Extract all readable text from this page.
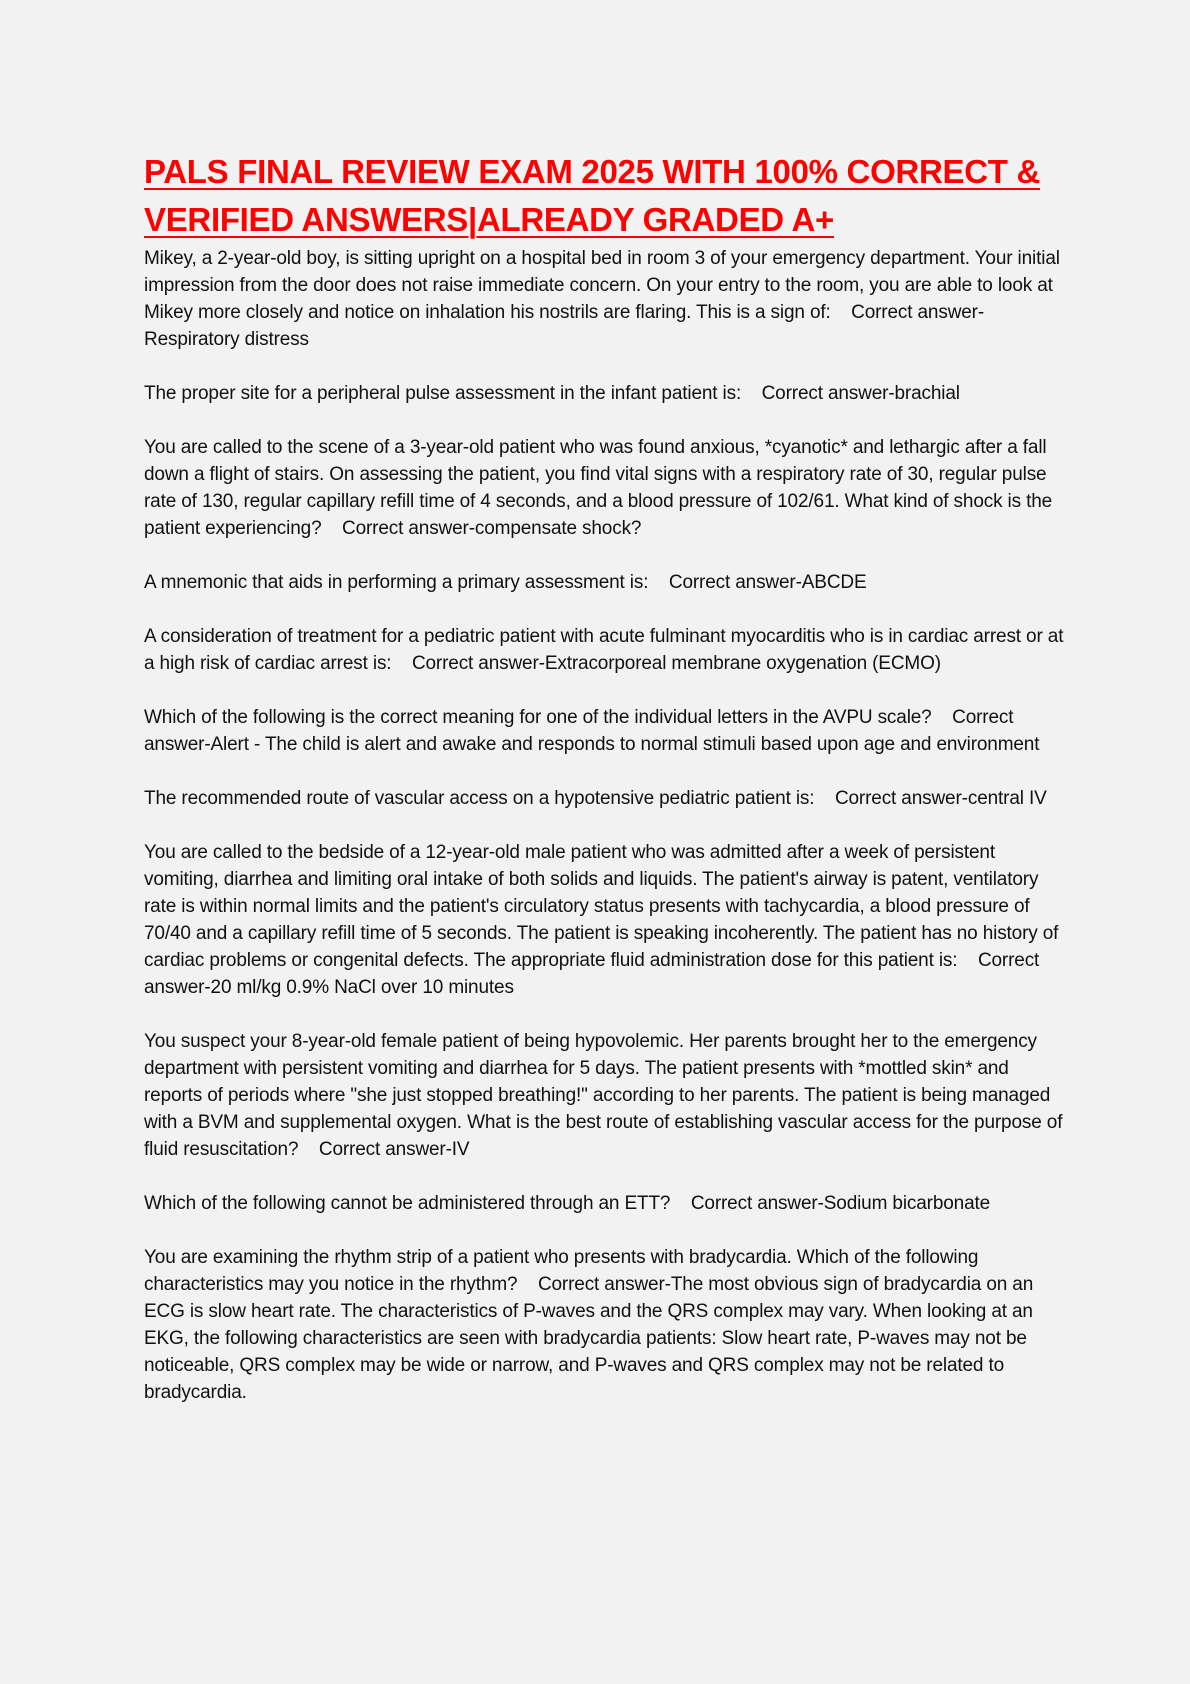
PALS FINAL REVIEW EXAM 2025 WITH 100% CORRECT & VERIFIED ANSWERS|ALREADY GRADED A+

Mikey, a 2-year-old boy, is sitting upright on a hospital bed in room 3 of your emergency department. Your initial impression from the door does not raise immediate concern. On your entry to the room, you are able to look at Mikey more closely and notice on inhalation his nostrils are flaring. This is a sign of: Correct answer-Respiratory distress

The proper site for a peripheral pulse assessment in the infant patient is: Correct answer-brachial

You are called to the scene of a 3-year-old patient who was found anxious, *cyanotic* and lethargic after a fall down a flight of stairs. On assessing the patient, you find vital signs with a respiratory rate of 30, regular pulse rate of 130, regular capillary refill time of 4 seconds, and a blood pressure of 102/61. What kind of shock is the patient experiencing? Correct answer-compensate shock?

A mnemonic that aids in performing a primary assessment is: Correct answer-ABCDE

A consideration of treatment for a pediatric patient with acute fulminant myocarditis who is in cardiac arrest or at a high risk of cardiac arrest is: Correct answer-Extracorporeal membrane oxygenation (ECMO)

Which of the following is the correct meaning for one of the individual letters in the AVPU scale? Correct answer-Alert - The child is alert and awake and responds to normal stimuli based upon age and environment

The recommended route of vascular access on a hypotensive pediatric patient is: Correct answer-central IV

You are called to the bedside of a 12-year-old male patient who was admitted after a week of persistent vomiting, diarrhea and limiting oral intake of both solids and liquids. The patient's airway is patent, ventilatory rate is within normal limits and the patient's circulatory status presents with tachycardia, a blood pressure of 70/40 and a capillary refill time of 5 seconds. The patient is speaking incoherently. The patient has no history of cardiac problems or congenital defects. The appropriate fluid administration dose for this patient is: Correct answer-20 ml/kg 0.9% NaCl over 10 minutes

You suspect your 8-year-old female patient of being hypovolemic. Her parents brought her to the emergency department with persistent vomiting and diarrhea for 5 days. The patient presents with *mottled skin* and reports of periods where "she just stopped breathing!" according to her parents. The patient is being managed with a BVM and supplemental oxygen. What is the best route of establishing vascular access for the purpose of fluid resuscitation? Correct answer-IV

Which of the following cannot be administered through an ETT? Correct answer-Sodium bicarbonate

You are examining the rhythm strip of a patient who presents with bradycardia. Which of the following characteristics may you notice in the rhythm? Correct answer-The most obvious sign of bradycardia on an ECG is slow heart rate. The characteristics of P-waves and the QRS complex may vary. When looking at an EKG, the following characteristics are seen with bradycardia patients: Slow heart rate, P-waves may not be noticeable, QRS complex may be wide or narrow, and P-waves and QRS complex may not be related to bradycardia.
